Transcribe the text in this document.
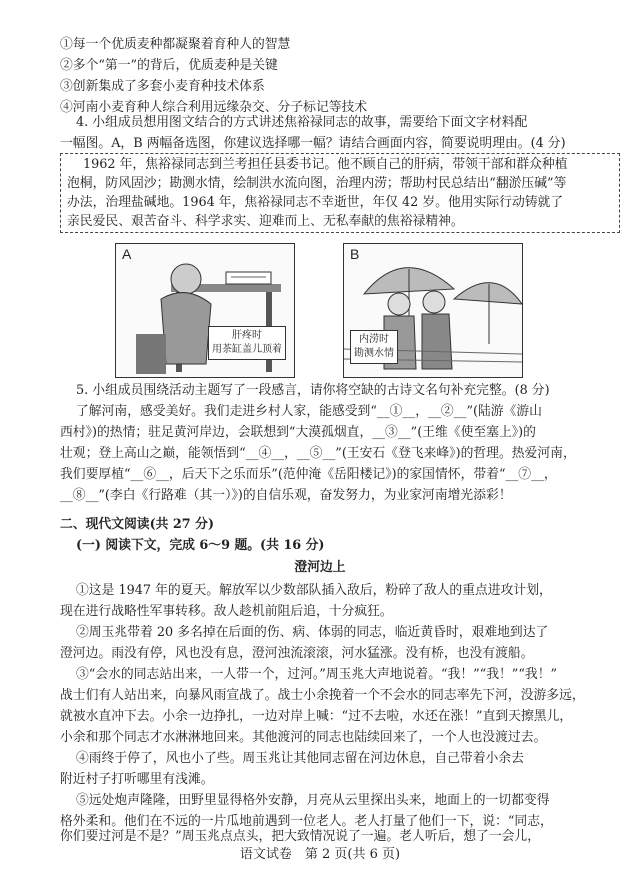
①每一个优质麦种都凝聚着育种人的智慧
②多个“第一”的背后，优质麦种是关键
③创新集成了多套小麦育种技术体系
④河南小麦育种人综合利用远缘杂交、分子标记等技术
4. 小组成员想用图文结合的方式讲述焦裕禄同志的故事，需要给下面文字材料配
一幅图。A，B 两幅备选图，你建议选择哪一幅？请结合画面内容，简要说明理由。(4 分)
1962 年，焦裕禄同志到兰考担任县委书记。他不顾自己的肝病，带领干部和群众种植
泡桐，防风固沙；勘测水情，绘制洪水流向图，治理内涝；帮助村民总结出“翻淤压碱”等
办法，治理盐碱地。1964 年，焦裕禄同志不幸逝世，年仅 42 岁。他用实际行动铸就了
亲民爱民、艰苦奋斗、科学求实、迎难而上、无私奉献的焦裕禄精神。
A
肝疼时
用茶缸盖儿顶着
B
内涝时
勘测水情
5. 小组成员围绕活动主题写了一段感言，请你将空缺的古诗文名句补充完整。(8 分)
了解河南，感受美好。我们走进乡村人家，能感受到“__①__，__②__”(陆游《游山
西村》)的热情；驻足黄河岸边，会联想到“大漠孤烟直，__③__”(王维《使至塞上》)的
壮观；登上高山之巅，能领悟到“__④__，__⑤__”(王安石《登飞来峰》)的哲理。热爱河南，
我们要厚植“__⑥__，后天下之乐而乐”(范仲淹《岳阳楼记》)的家国情怀，带着“__⑦__，
__⑧__”(李白《行路难（其一）》)的自信乐观，奋发努力，为业家河南增光添彩！
二、现代文阅读(共 27 分)
(一) 阅读下文，完成 6～9 题。(共 16 分)
澄河边上
①这是 1947 年的夏天。解放军以少数部队插入敌后，粉碎了敌人的重点进攻计划，
现在进行战略性军事转移。敌人趁机前阻后追，十分疯狂。
②周玉兆带着 20 多名掉在后面的伤、病、体弱的同志，临近黄昏时，艰难地到达了
澄河边。雨没有停，风也没有息，澄河浊流滚滚，河水猛涨。没有桥，也没有渡船。
③“会水的同志站出来，一人带一个，过河。”周玉兆大声地说着。“我！”“我！”“我！”
战士们有人站出来，向暴风雨宣战了。战士小余挽着一个不会水的同志率先下河，没游多远，
就被水直冲下去。小余一边挣扎，一边对岸上喊：“过不去啦，水还在涨！”直到天擦黑儿，
小余和那个同志才水淋淋地回来。其他渡河的同志也陆续回来了，一个人也没渡过去。
④雨终于停了，风也小了些。周玉兆让其他同志留在河边休息，自己带着小余去
附近村子打听哪里有浅滩。
⑤远处炮声隆隆，田野里显得格外安静，月亮从云里探出头来，地面上的一切都变得
格外柔和。他们在不远的一片瓜地前遇到一位老人。老人打量了他们一下，说：“同志，
你们要过河是不是？”周玉兆点点头，把大致情况说了一遍。老人听后，想了一会儿，
语文试卷　第 2 页(共 6 页)
